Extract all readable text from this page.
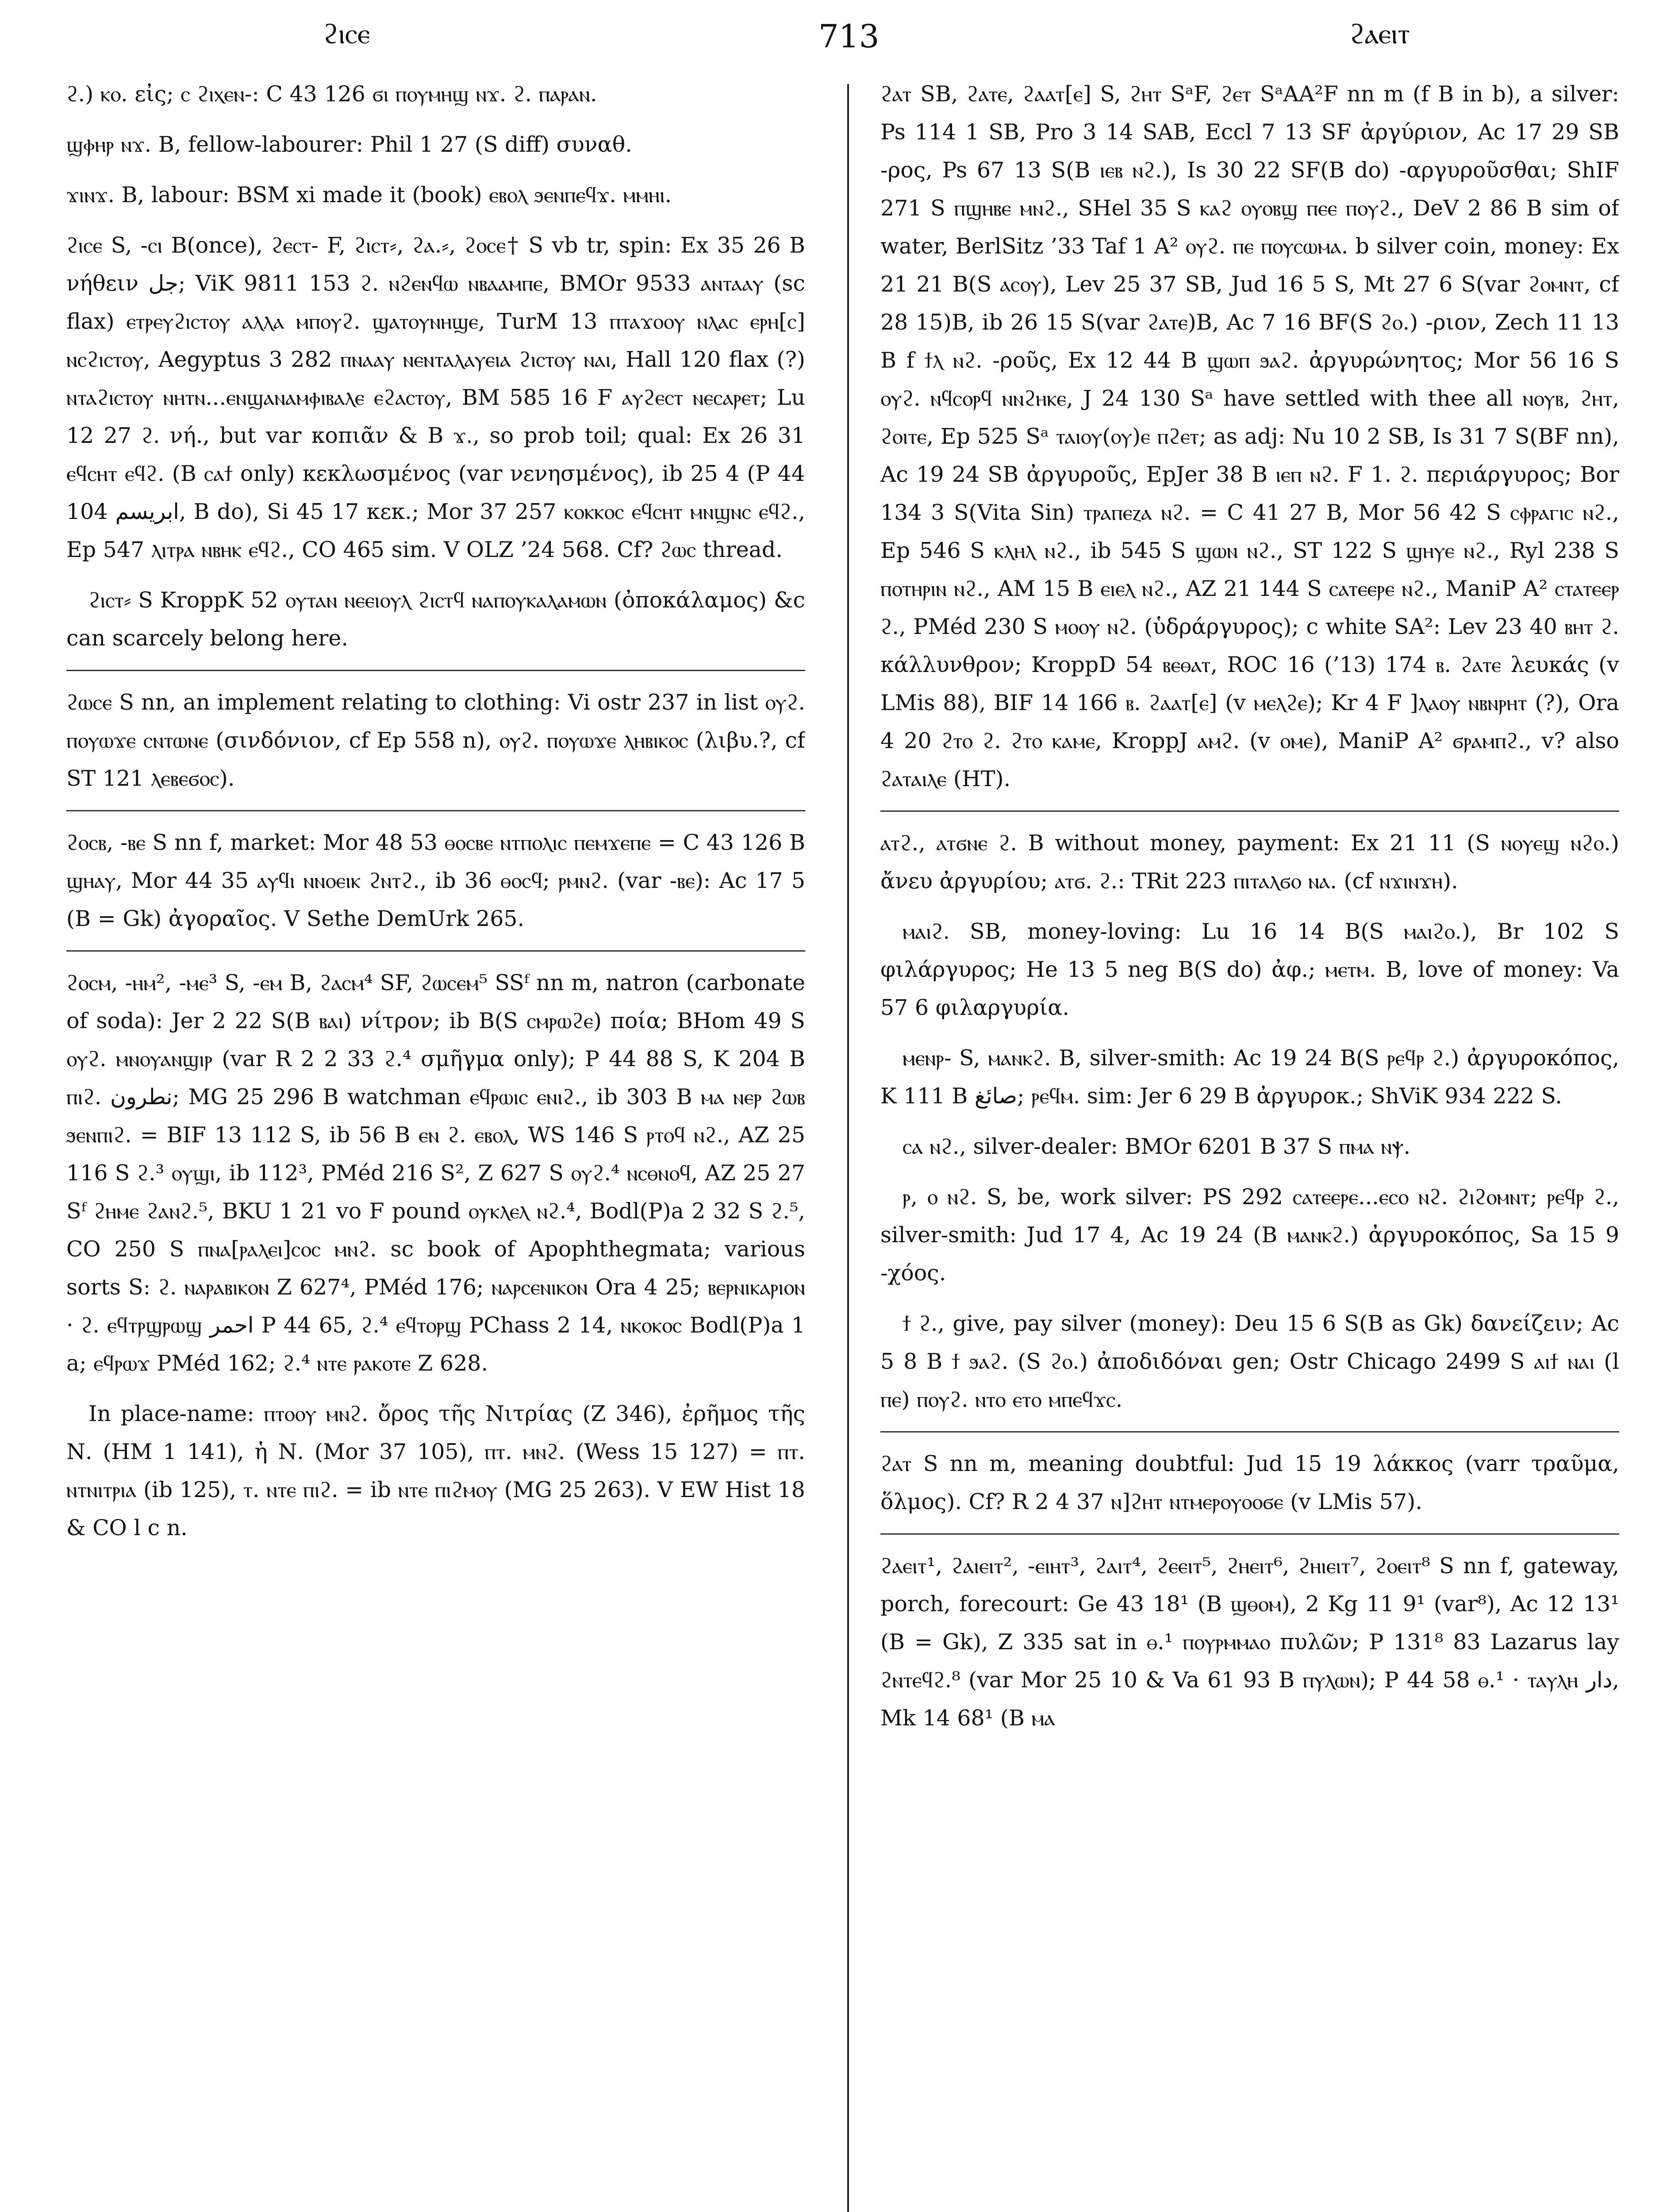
ϩⲓⲥⲉ	713	ϩⲁⲉⲓⲧ

ϩ.) ⲕⲟ. εἰς; ⲥ ϩⲓⲭⲉⲛ-: C 43 126 ϭⲓ ⲡⲟⲩⲙⲏϣ ⲛϫ. ϩ. ⲡⲁⲣⲁⲛ.

ϣⲫⲏⲣ ⲛϫ. B, fellow-labourer: Phil 1 27 (S diff) συναθ.

ϫⲓⲛϫ. B, labour: BSM xi made it (book) ⲉⲃⲟⲗ ϧⲉⲛⲡⲉϥϫ. ⲙⲙⲏⲓ.

ϩⲓⲥⲉ S, -ⲥⲓ B(once), ϩⲉⲥⲧ- F, ϩⲓⲥⲧ⸗, ϩⲁ.⸗, ϩⲟⲥⲉ† S vb tr, spin: Ex 35 26 B νήθειν جل; ViK 9811 153 ϩ. ⲛϩⲉⲛϥⲱ ⲛⲃⲁⲁⲙⲡⲉ, BMOr 9533 ⲁⲛⲧⲁⲁⲩ (sc flax) ⲉⲧⲣⲉⲩϩⲓⲥⲧⲟⲩ ⲁⲗⲗⲁ ⲙⲡⲟⲩϩ. ϣⲁⲧⲟⲩⲛⲏϣⲉ, TurM 13 ⲡⲧⲁϫⲟⲟⲩ ⲛⲗⲁⲥ ⲉⲣⲏ[ⲥ] ⲛⲥϩⲓⲥⲧⲟⲩ, Aegyptus 3 282 ⲡⲛⲁⲁⲩ ⲛⲉⲛⲧⲁⲗⲁⲩⲉⲓⲁ ϩⲓⲥⲧⲟⲩ ⲛⲁⲓ, Hall 120 flax (?) ⲛⲧⲁϩⲓⲥⲧⲟⲩ ⲛⲏⲧⲛ...ⲉⲛϣⲁⲛⲁⲙⲫⲓⲃⲁⲗⲉ ⲉϩⲁⲥⲧⲟⲩ, BM 585 16 F ⲁⲩϩⲉⲥⲧ ⲛⲉⲥⲁⲣⲉⲧ; Lu 12 27 ϩ. νή., but var κοπιᾶν & B ϫ., so prob toil; qual: Ex 26 31 ⲉϥⲥⲏⲧ ⲉϥϩ. (B ⲥⲁϯ only) κεκλωσμένος (var νενησμένος), ib 25 4 (P 44 104 ابريسم, B do), Si 45 17 κεκ.; Mor 37 257 ⲕⲟⲕⲕⲟⲥ ⲉϥⲥⲏⲧ ⲙⲛϣⲛⲥ ⲉϥϩ., Ep 547 ⲗⲓⲧⲣⲁ ⲛⲃⲏⲕ ⲉϥϩ., CO 465 sim. V OLZ ’24 568. Cf? ϩⲱⲥ thread.

ϩⲓⲥⲧ⸗ S KroppK 52 ⲟⲩⲧⲁⲛ ⲛⲉⲉⲓⲟⲩⲗ ϩⲓⲥⲧϥ ⲛⲁⲡⲟⲩⲕⲁⲗⲁⲙⲱⲛ (ὀποκάλαμος) &c can scarcely belong here.

ϩⲱⲥⲉ S nn, an implement relating to clothing: Vi ostr 237 in list ⲟⲩϩ. ⲡⲟⲩⲱϫⲉ ⲥⲛⲧⲱⲛⲉ (σινδόνιον, cf Ep 558 n), ⲟⲩϩ. ⲡⲟⲩⲱϫⲉ ⲗⲏⲃⲓⲕⲟⲥ (λιβυ.?, cf ST 121 ⲗⲉⲃⲉϭⲟⲥ).

ϩⲟⲥⲃ, -ⲃⲉ S nn f, market: Mor 48 53 ⲑⲟⲥⲃⲉ ⲛⲧⲡⲟⲗⲓⲥ ⲡⲉⲙϫⲉⲡⲉ = C 43 126 B ϣⲏⲁⲩ, Mor 44 35 ⲁⲩϥⲓ ⲛⲛⲟⲉⲓⲕ ϩⲛⲧϩ., ib 36 ⲑⲟⲥϥ; ⲣⲙⲛϩ. (var -ⲃⲉ): Ac 17 5 (B = Gk) ἀγοραῖος. V Sethe DemUrk 265.

ϩⲟⲥⲙ, -ⲏⲙ², -ⲙⲉ³ S, -ⲉⲙ B, ϩⲁⲥⲙ⁴ SF, ϩⲱⲥⲉⲙ⁵ SSᶠ nn m, natron (carbonate of soda): Jer 2 22 S(B ⲃⲁⲓ) νίτρον; ib B(S ⲥⲙⲣⲱϩⲉ) ποία; BHom 49 S ⲟⲩϩ. ⲙⲛⲟⲩⲁⲛϣⲓⲣ (var R 2 2 33 ϩ.⁴ σμῆγμα only); P 44 88 S, K 204 B ⲡⲓϩ. نطرون; MG 25 296 B watchman ⲉϥⲣⲱⲓⲥ ⲉⲛⲓϩ., ib 303 B ⲙⲁ ⲛⲉⲣ ϩⲱⲃ ϧⲉⲛⲡⲓϩ. = BIF 13 112 S, ib 56 B ⲉⲛ ϩ. ⲉⲃⲟⲗ, WS 146 S ⲣⲧⲟϥ ⲛϩ., AZ 25 116 S ϩ.³ ⲟⲩϣⲓ, ib 112³, PMéd 216 S², Z 627 S ⲟⲩϩ.⁴ ⲛⲥⲑⲛⲟϥ, AZ 25 27 Sᶠ ϩⲏⲙⲉ ϩⲁⲛϩ.⁵, BKU 1 21 vo F pound ⲟⲩⲕⲗⲉⲗ ⲛϩ.⁴, Bodl(P)a 2 32 S ϩ.⁵, CO 250 S ⲡⲛⲁ[ⲣⲁⲗⲉⲓ]ⲥⲟⲥ ⲙⲛϩ. sc book of Apophthegmata; various sorts S: ϩ. ⲛⲁⲣⲁⲃⲓⲕⲟⲛ Z 627⁴, PMéd 176; ⲛⲁⲣⲥⲉⲛⲓⲕⲟⲛ Ora 4 25; ⲃⲉⲣⲛⲓⲕⲁⲣⲓⲟⲛ · ϩ. ⲉϥⲧⲣϣⲣⲱϣ احمر P 44 65, ϩ.⁴ ⲉϥⲧⲟⲣϣ PChass 2 14, ⲛⲕⲟⲕⲟⲥ Bodl(P)a 1 a; ⲉϥⲣⲱϫ PMéd 162; ϩ.⁴ ⲛⲧⲉ ⲣⲁⲕⲟⲧⲉ Z 628.

In place-name: ⲡⲧⲟⲟⲩ ⲙⲛϩ. ὄρος τῆς Νιτρίας (Z 346), ἐρῆμος τῆς Ν. (HM 1 141), ἡ Ν. (Mor 37 105), ⲡⲧ. ⲙⲛϩ. (Wess 15 127) = ⲡⲧ. ⲛⲧⲛⲓⲧⲣⲓⲁ (ib 125), ⲧ. ⲛⲧⲉ ⲡⲓϩ. = ib ⲛⲧⲉ ⲡⲓϩⲙⲟⲩ (MG 25 263). V EW Hist 18 & CO l c n.

ϩⲁⲧ SB, ϩⲁⲧⲉ, ϩⲁⲁⲧ[ⲉ] S, ϩⲏⲧ SᵃF, ϩⲉⲧ SᵃAA²F nn m (f B in b), a silver: Ps 114 1 SB, Pro 3 14 SAB, Eccl 7 13 SF ἀργύριον, Ac 17 29 SB -ρος, Ps 67 13 S(B ⲓⲉⲃ ⲛϩ.), Is 30 22 SF(B do) -αργυροῦσθαι; ShIF 271 S ⲡϣⲏⲃⲉ ⲙⲛϩ., SHel 35 S ⲕⲁϩ ⲟⲩⲟⲃϣ ⲡⲉⲉ ⲡⲟⲩϩ., DeV 2 86 B sim of water, BerlSitz ’33 Taf 1 A² ⲟⲩϩ. ⲡⲉ ⲡⲟⲩⲥⲱⲙⲁ. b silver coin, money: Ex 21 21 B(S ⲁⲥⲟⲩ), Lev 25 37 SB, Jud 16 5 S, Mt 27 6 S(var ϩⲟⲙⲛⲧ, cf 28 15)B, ib 26 15 S(var ϩⲁⲧⲉ)B, Ac 7 16 BF(S ϩⲟ.) -ριον, Zech 11 13 B f ϯⲗ ⲛϩ. -ροῦς, Ex 12 44 B ϣⲱⲡ ϧⲁϩ. ἀργυρώνητος; Mor 56 16 S ⲟⲩϩ. ⲛϥⲥⲟⲣϥ ⲛⲛϩⲏⲕⲉ, J 24 130 Sᵃ have settled with thee all ⲛⲟⲩⲃ, ϩⲏⲧ, ϩⲟⲓⲧⲉ, Ep 525 Sᵃ ⲧⲁⲓⲟⲩ(ⲟⲩ)ⲉ ⲡϩⲉⲧ; as adj: Nu 10 2 SB, Is 31 7 S(BF nn), Ac 19 24 SB ἀργυροῦς, EpJer 38 B ⲓⲉⲡ ⲛϩ. F 1. ϩ. περιάργυρος; Bor 134 3 S(Vita Sin) ⲧⲣⲁⲡⲉⲍⲁ ⲛϩ. = C 41 27 B, Mor 56 42 S ⲥⲫⲣⲁⲅⲓⲥ ⲛϩ., Ep 546 S ⲕⲗⲏⲗ ⲛϩ., ib 545 S ϣⲱⲛ ⲛϩ., ST 122 S ϣⲏⲩⲉ ⲛϩ., Ryl 238 S ⲡⲟⲧⲏⲣⲓⲛ ⲛϩ., AM 15 B ⲉⲓⲉⲗ ⲛϩ., AZ 21 144 S ⲥⲁⲧⲉⲉⲣⲉ ⲛϩ., ManiP A² ⲥⲧⲁⲧⲉⲉⲣ ϩ., PMéd 230 S ⲙⲟⲟⲩ ⲛϩ. (ὑδράργυρος); c white SA²: Lev 23 40 ⲃⲏⲧ ϩ. κάλλυνθρον; KroppD 54 ⲃⲉⲑⲁⲧ, ROC 16 (’13) 174 ⲃ. ϩⲁⲧⲉ λευκάς (v LMis 88), BIF 14 166 ⲃ. ϩⲁⲁⲧ[ⲉ] (v ⲙⲉⲗϩⲉ); Kr 4 F ]ⲗⲁⲟⲩ ⲛⲃⲛⲣⲏⲧ (?), Ora 4 20 ϩⲧⲟ ϩ. ϩⲧⲟ ⲕⲁⲙⲉ, KroppJ ⲁⲙϩ. (v ⲟⲙⲉ), ManiP A² ϭⲣⲁⲙⲡϩ., v? also ϩⲁⲧⲁⲓⲗⲉ (HT).

ⲁⲧϩ., ⲁⲧϭⲛⲉ ϩ. B without money, payment: Ex 21 11 (S ⲛⲟⲩⲉϣ ⲛϩⲟ.) ἄνευ ἀργυρίου; ⲁⲧϭ. ϩ.: TRit 223 ⲡⲓⲧⲁⲗϭⲟ ⲛⲁ. (cf ⲛϫⲓⲛϫⲏ).

ⲙⲁⲓϩ. SB, money-loving: Lu 16 14 B(S ⲙⲁⲓϩⲟ.), Br 102 S φιλάργυρος; He 13 5 neg B(S do) ἀφ.; ⲙⲉⲧⲙ. B, love of money: Va 57 6 φιλαργυρία.

ⲙⲉⲛⲣ- S, ⲙⲁⲛⲕϩ. B, silver-smith: Ac 19 24 B(S ⲣⲉϥⲣ ϩ.) ἀργυροκόπος, K 111 B صائغ; ⲣⲉϥⲙ. sim: Jer 6 29 B ἀργυροκ.; ShViK 934 222 S.

ⲥⲁ ⲛϩ., silver-dealer: BMOr 6201 B 37 S ⲡⲙⲁ ⲛⲯ.

ⲣ, ⲟ ⲛϩ. S, be, work silver: PS 292 ⲥⲁⲧⲉⲉⲣⲉ...ⲉⲥⲟ ⲛϩ. ϩⲓϩⲟⲙⲛⲧ; ⲣⲉϥⲣ ϩ., silver-smith: Jud 17 4, Ac 19 24 (B ⲙⲁⲛⲕϩ.) ἀργυροκόπος, Sa 15 9 -χόος.

ϯ ϩ., give, pay silver (money): Deu 15 6 S(B as Gk) δανείζειν; Ac 5 8 B ϯ ϧⲁϩ. (S ϩⲟ.) ἀποδιδόναι gen; Ostr Chicago 2499 S ⲁⲓϯ ⲛⲁⲓ (l ⲡⲉ) ⲡⲟⲩϩ. ⲛⲧⲟ ⲉⲧⲟ ⲙⲡⲉϥϫⲥ.

ϩⲁⲧ S nn m, meaning doubtful: Jud 15 19 λάκκος (varr τραῦμα, ὅλμος). Cf? R 2 4 37 ⲛ]ϩⲏⲧ ⲛⲧⲙⲉⲣⲟⲩⲟⲟϭⲉ (v LMis 57).

ϩⲁⲉⲓⲧ¹, ϩⲁⲓⲉⲓⲧ², -ⲉⲓⲏⲧ³, ϩⲁⲓⲧ⁴, ϩⲉⲉⲓⲧ⁵, ϩⲏⲉⲓⲧ⁶, ϩⲏⲓⲉⲓⲧ⁷, ϩⲟⲉⲓⲧ⁸ S nn f, gateway, porch, forecourt: Ge 43 18¹ (B ϣⲑⲟⲙ), 2 Kg 11 9¹ (var⁸), Ac 12 13¹ (B = Gk), Z 335 sat in ⲑ.¹ ⲡⲟⲩⲣⲙⲙⲁⲟ πυλῶν; P 131⁸ 83 Lazarus lay ϩⲛⲧⲉϥϩ.⁸ (var Mor 25 10 & Va 61 93 B ⲡⲩⲗⲱⲛ); P 44 58 ⲑ.¹ · ⲧⲁⲩⲗⲏ دار, Mk 14 68¹ (B ⲙⲁ
